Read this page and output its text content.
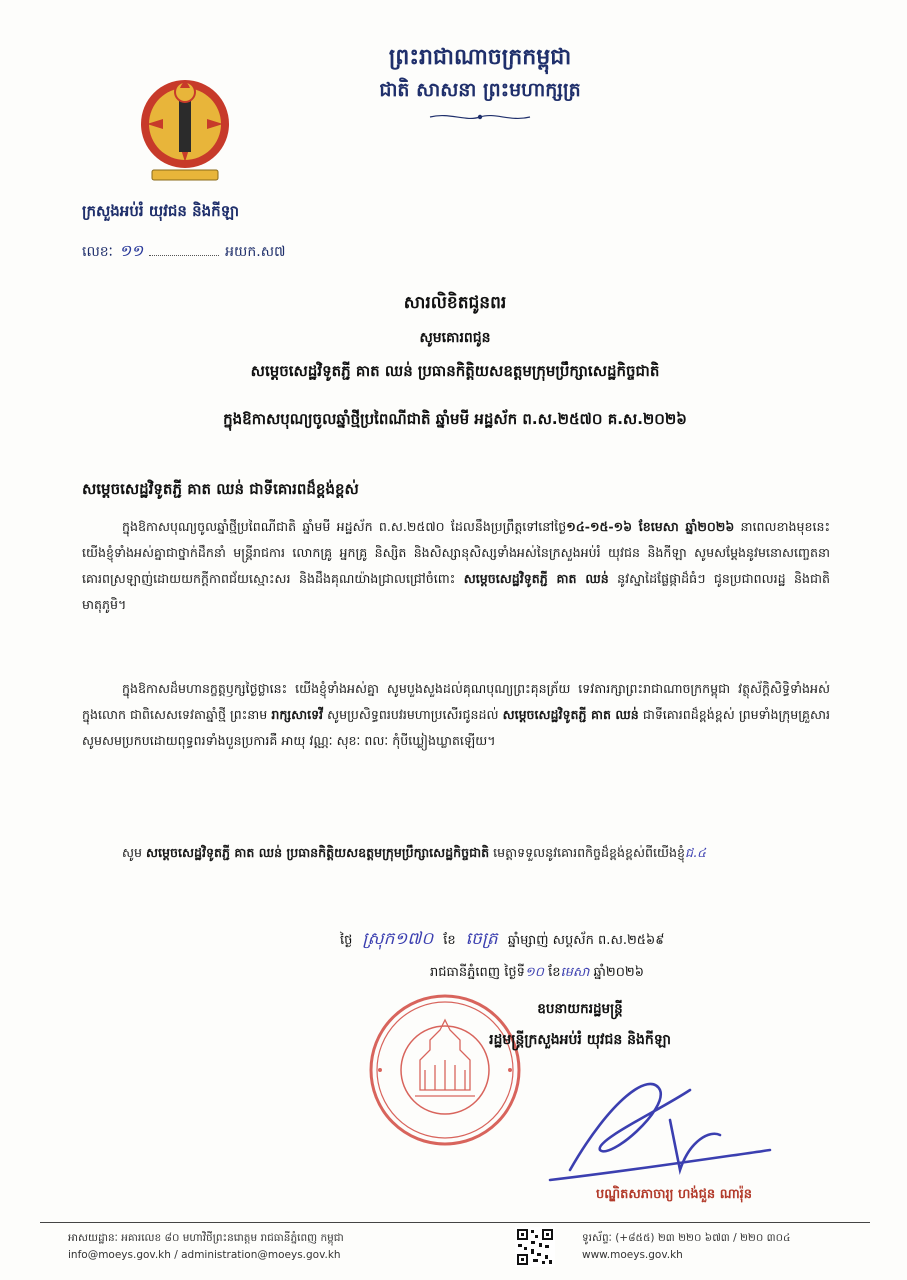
ព្រះរាជាណាចក្រកម្ពុជា
ជាតិ សាសនា ព្រះមហាក្សត្រ
ក្រសួងអប់រំ យុវជន និងកីឡា
លេខៈ ១១	អយក.ស៧
សារលិខិតជូនពរ
សូមគោរពជូន
សម្តេចសេដ្ឋវិទូតភ្ជី គាត ឈន់ ប្រធានកិត្តិយសឧត្តមក្រុមប្រឹក្សាសេដ្ឋកិច្ចជាតិ
ក្នុងឱកាសបុណ្យចូលឆ្នាំថ្មីប្រពៃណីជាតិ ឆ្នាំមមី អដ្ឋស័ក ព.ស.២៥៧០ គ.ស.២០២៦
សម្តេចសេដ្ឋវិទូតភ្ជី គាត ឈន់ ជាទីគោរពដ៏ខ្ពង់ខ្ពស់
ក្នុងឱកាសបុណ្យចូលឆ្នាំថ្មីប្រពៃណីជាតិ ឆ្នាំមមី អដ្ឋស័ក ព.ស.២៥៧០ ដែលនឹងប្រព្រឹត្តទៅនៅថ្ងៃ១៤-១៥-១៦ ខែមេសា ឆ្នាំ២០២៦ នាពេលខាងមុខនេះ យើងខ្ញុំទាំងអស់គ្នាជាថ្នាក់ដឹកនាំ មន្ត្រីរាជការ លោកគ្រូ អ្នកគ្រូ និស្សិត និងសិស្សានុសិស្សទាំងអស់នៃក្រសួងអប់រំ យុវជន និងកីឡា សូមសម្តែងនូវមនោសញ្ចេតនាគោរពស្រឡាញ់ដោយយកក្តីកាពជ័យស្មោះសរ និងដឹងគុណយ៉ាងជ្រាលជ្រៅចំពោះ សម្តេចសេដ្ឋវិទូតភ្ជី គាត ឈន់ នូវស្នាដៃផ្លែផ្កាដ៏ធំៗ ជូនប្រជាពលរដ្ឋ និងជាតិមាតុភូមិ។
ក្នុងឱកាសដ៏មហានក្ខត្តឫក្សថ្ងៃថ្លានេះ យើងខ្ញុំទាំងអស់គ្នា សូមបួងសួងដល់គុណបុណ្យព្រះគុនត្រ័យ ទេវតារក្សាព្រះរាជាណាចក្រកម្ពុជា វត្ថុស័ក្តិសិទ្ធិទាំងអស់ក្នុងលោក ជាពិសេសទេវតាឆ្នាំថ្មី ព្រះនាម រាក្សសាទេវី សូមប្រសិទ្ធពរបវរមហាប្រសើរជូនដល់ សម្តេចសេដ្ឋវិទូតភ្ជី គាត ឈន់ ជាទីគោរពដ៏ខ្ពង់ខ្ពស់ ព្រមទាំងក្រុមគ្រួសារ សូមសមប្រកបដោយពុទ្ធពរទាំងបួនប្រការគឺ អាយុ វណ្ណៈ សុខៈ ពលៈ កុំបីឃ្លៀងឃ្លាតឡើយ។
សូម សម្តេចសេដ្ឋវិទូតភ្ជី គាត ឈន់ ប្រធានកិត្តិយសឧត្តមក្រុមប្រឹក្សាសេដ្ឋកិច្ចជាតិ មេត្តាទទួលនូវគោរពកិច្ចដ៏ខ្ពង់ខ្ពស់ពីយើងខ្ញុំជ.៤
ថ្ងៃ ស្រុក១៧០ ខែ ចេត្រ ឆ្នាំម្សាញ់ សប្តស័ក ព.ស.២៥៦៩
រាជធានីភ្នំពេញ ថ្ងៃទី១០ ខែមេសា ឆ្នាំ២០២៦
ឧបនាយករដ្ឋមន្ត្រី
រដ្ឋមន្ត្រីក្រសួងអប់រំ យុវជន និងកីឡា
បណ្ឌិតសភាចារ្យ ហង់ជួន ណារ៉ុន
អាសយដ្ឋានៈ អគារលេខ ៨០ មហាវិថីព្រះនរោត្តម រាជធានីភ្នំពេញ កម្ពុជា
info@moeys.gov.kh / administration@moeys.gov.kh
ទូរស័ព្ទៈ (+៨៥៥) ២៣ ២២០ ៦៧៣ / ២២០ ៣០៤
www.moeys.gov.kh
